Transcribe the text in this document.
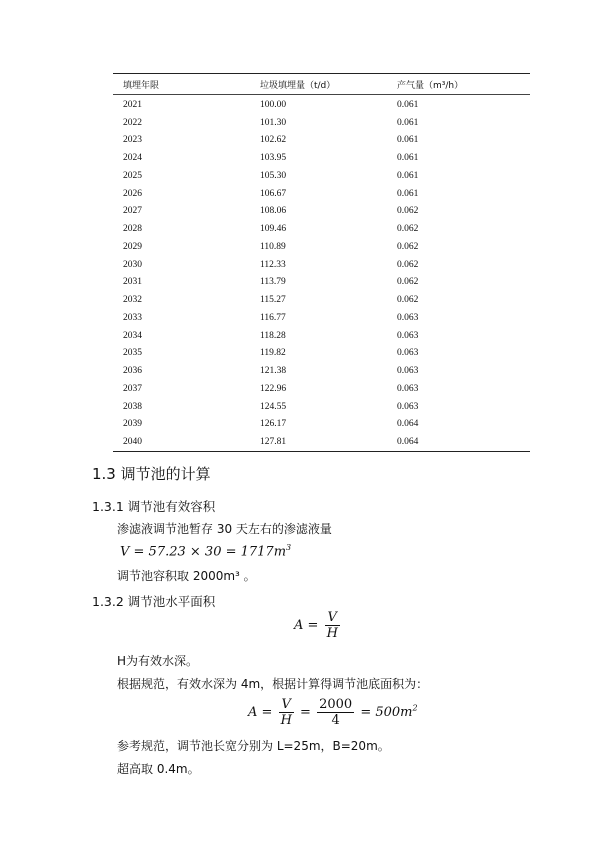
填埋年限	垃圾填埋量（t/d）	产气量（m³/h）
2021	100.00	0.061
2022	101.30	0.061
2023	102.62	0.061
2024	103.95	0.061
2025	105.30	0.061
2026	106.67	0.061
2027	108.06	0.062
2028	109.46	0.062
2029	110.89	0.062
2030	112.33	0.062
2031	113.79	0.062
2032	115.27	0.062
2033	116.77	0.063
2034	118.28	0.063
2035	119.82	0.063
2036	121.38	0.063
2037	122.96	0.063
2038	124.55	0.063
2039	126.17	0.064
2040	127.81	0.064
1.3 调节池的计算
1.3.1 调节池有效容积
渗滤液调节池暂存 30 天左右的渗滤液量
$V = 57.23 \times 30 = 1717m^3$
调节池容积取 2000m³ 。
1.3.2 调节池水平面积
$A = \frac{V}{H}$
H为有效水深。
根据规范，有效水深为 4m，根据计算得调节池底面积为：
$A = \frac{V}{H} = \frac{2000}{4} = 500m^2$
参考规范，调节池长宽分别为 L=25m，B=20m。
超高取 0.4m。
